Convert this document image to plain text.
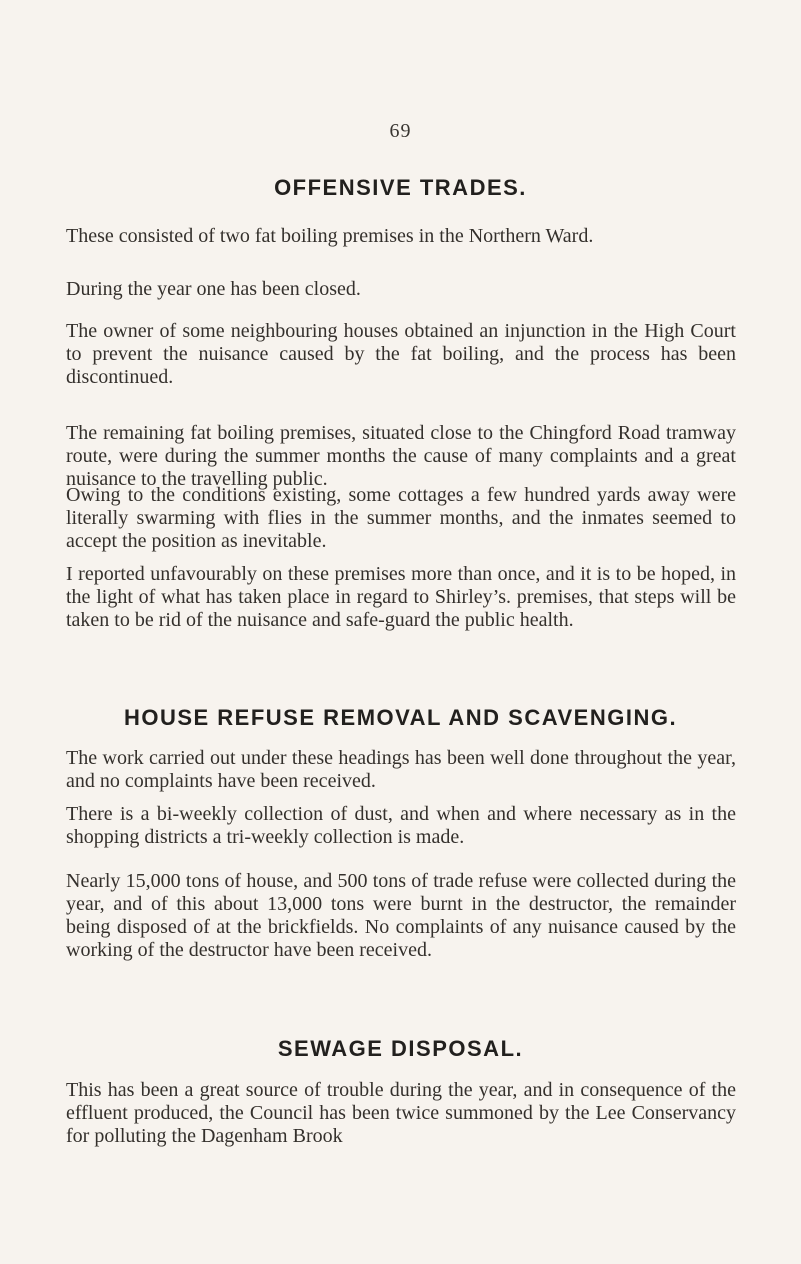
69
OFFENSIVE TRADES.
These consisted of two fat boiling premises in the Northern Ward.
During the year one has been closed.
The owner of some neighbouring houses obtained an injunction in the High Court to prevent the nuisance caused by the fat boiling, and the process has been discontinued.
The remaining fat boiling premises, situated close to the Chingford Road tramway route, were during the summer months the cause of many complaints and a great nuisance to the travelling public.
Owing to the conditions existing, some cottages a few hundred yards away were literally swarming with flies in the summer months, and the inmates seemed to accept the position as inevitable.
I reported unfavourably on these premises more than once, and it is to be hoped, in the light of what has taken place in regard to Shirley’s. premises, that steps will be taken to be rid of the nuisance and safe-guard the public health.
HOUSE REFUSE REMOVAL AND SCAVENGING.
The work carried out under these headings has been well done throughout the year, and no complaints have been received.
There is a bi-weekly collection of dust, and when and where necessary as in the shopping districts a tri-weekly collection is made.
Nearly 15,000 tons of house, and 500 tons of trade refuse were collected during the year, and of this about 13,000 tons were burnt in the destructor, the remainder being disposed of at the brickfields. No complaints of any nuisance caused by the working of the destructor have been received.
SEWAGE DISPOSAL.
This has been a great source of trouble during the year, and in consequence of the effluent produced, the Council has been twice summoned by the Lee Conservancy for polluting the Dagenham Brook
